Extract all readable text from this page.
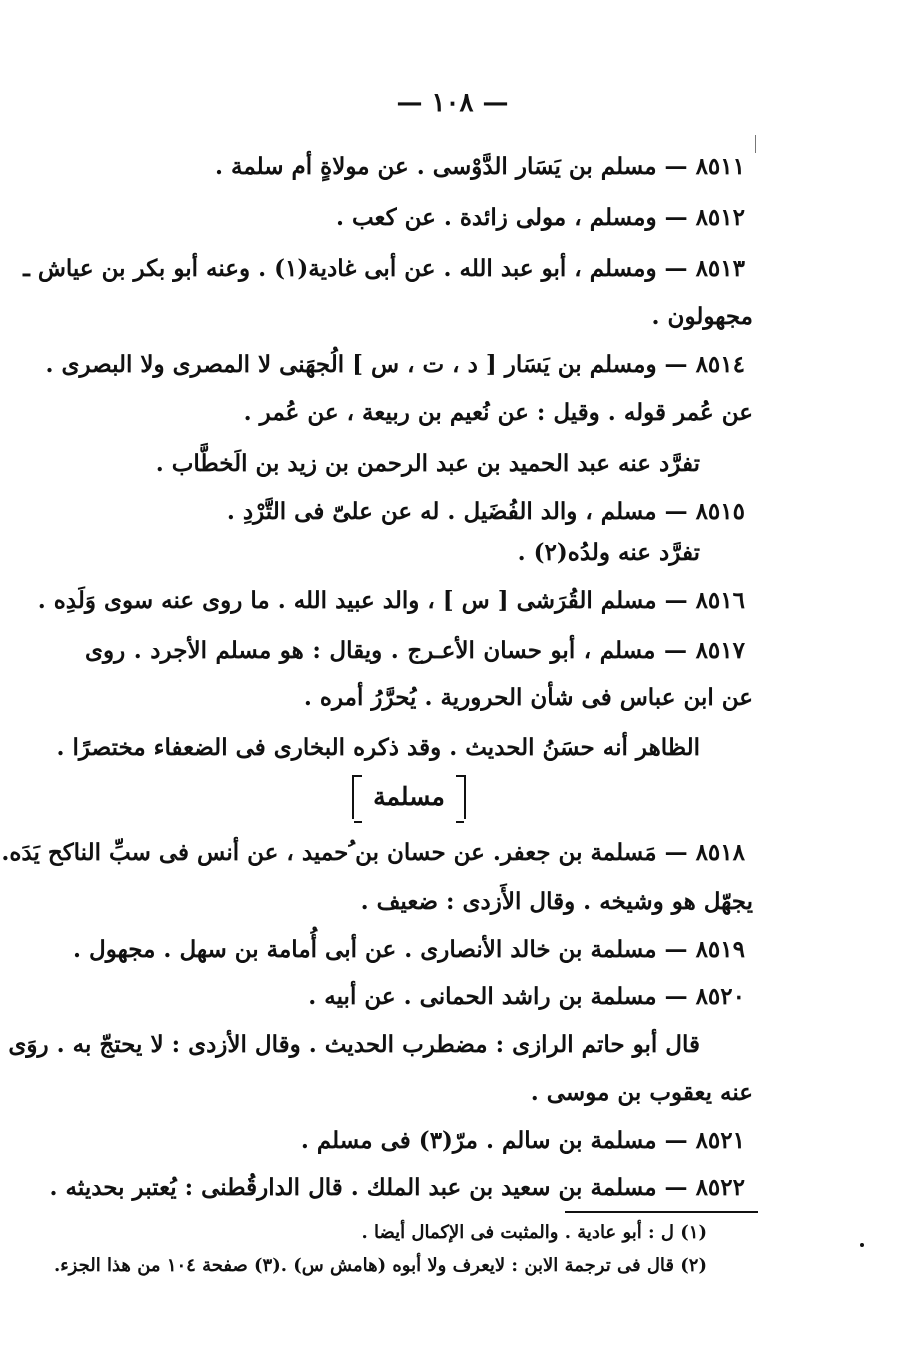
— ١٠٨ —
٨٥١١ — مسلم بن يَسَار الدَّوْسى . عن مولاةٍ أم سلمة .
٨٥١٢ — ومسلم ، مولى زائدة . عن كعب .
٨٥١٣ — ومسلم ، أبو عبد الله . عن أبى غادية(١) . وعنه أبو بكر بن عياش ـ
مجهولون .
٨٥١٤ — ومسلم بن يَسَار [ د ، ت ، س ] الُجهَنى لا المصرى ولا البصرى .
عن عُمر قوله . وقيل : عن نُعيم بن ربيعة ، عن عُمر .
تفرَّد عنه عبد الحميد بن عبد الرحمن بن زيد بن الَخطَّاب .
٨٥١٥ — مسلم ، والد الفُضَيل . له عن علىّ فى التَّرْدِ .
تفرَّد عنه ولدُه(٢) .
٨٥١٦ — مسلم القُرَشى [ س ] ، والد عبيد الله . ما روى عنه سوى وَلَدِه .
٨٥١٧ — مسلم ، أبو حسان الأعـرج . ويقال : هو مسلم الأجرد . روى
عن ابن عباس فى شأن الحرورية . يُحرَّرُ أمره .
الظاهر أنه حسَنُ الحديث . وقد ذكره البخارى فى الضعفاء مختصرًا .
مسلمة
٨٥١٨ — مَسلمة بن جعفر. عن حسان بن ُحميد ، عن أنس فى سبِّ الناكح يَدَه.
يجهّل هو وشيخه . وقال الأَزدى : ضعيف .
٨٥١٩ — مسلمة بن خالد الأنصارى . عن أبى أُمامة بن سهل . مجهول .
٨٥٢٠ — مسلمة بن راشد الحمانى . عن أبيه .
قال أبو حاتم الرازى : مضطرب الحديث . وقال الأزدى : لا يحتجّ به . روَى
عنه يعقوب بن موسى .
٨٥٢١ — مسلمة بن سالم . مرّ(٣) فى مسلم .
٨٥٢٢ — مسلمة بن سعيد بن عبد الملك . قال الدارقُطنى : يُعتبر بحديثه .
(١) ل : أبو عادية . والمثبت فى الإكمال أيضا .
(٢) قال فى ترجمة الابن : لايعرف ولا أبوه (هامش س) .(٣) صفحة ١٠٤ من هذا الجزء.
